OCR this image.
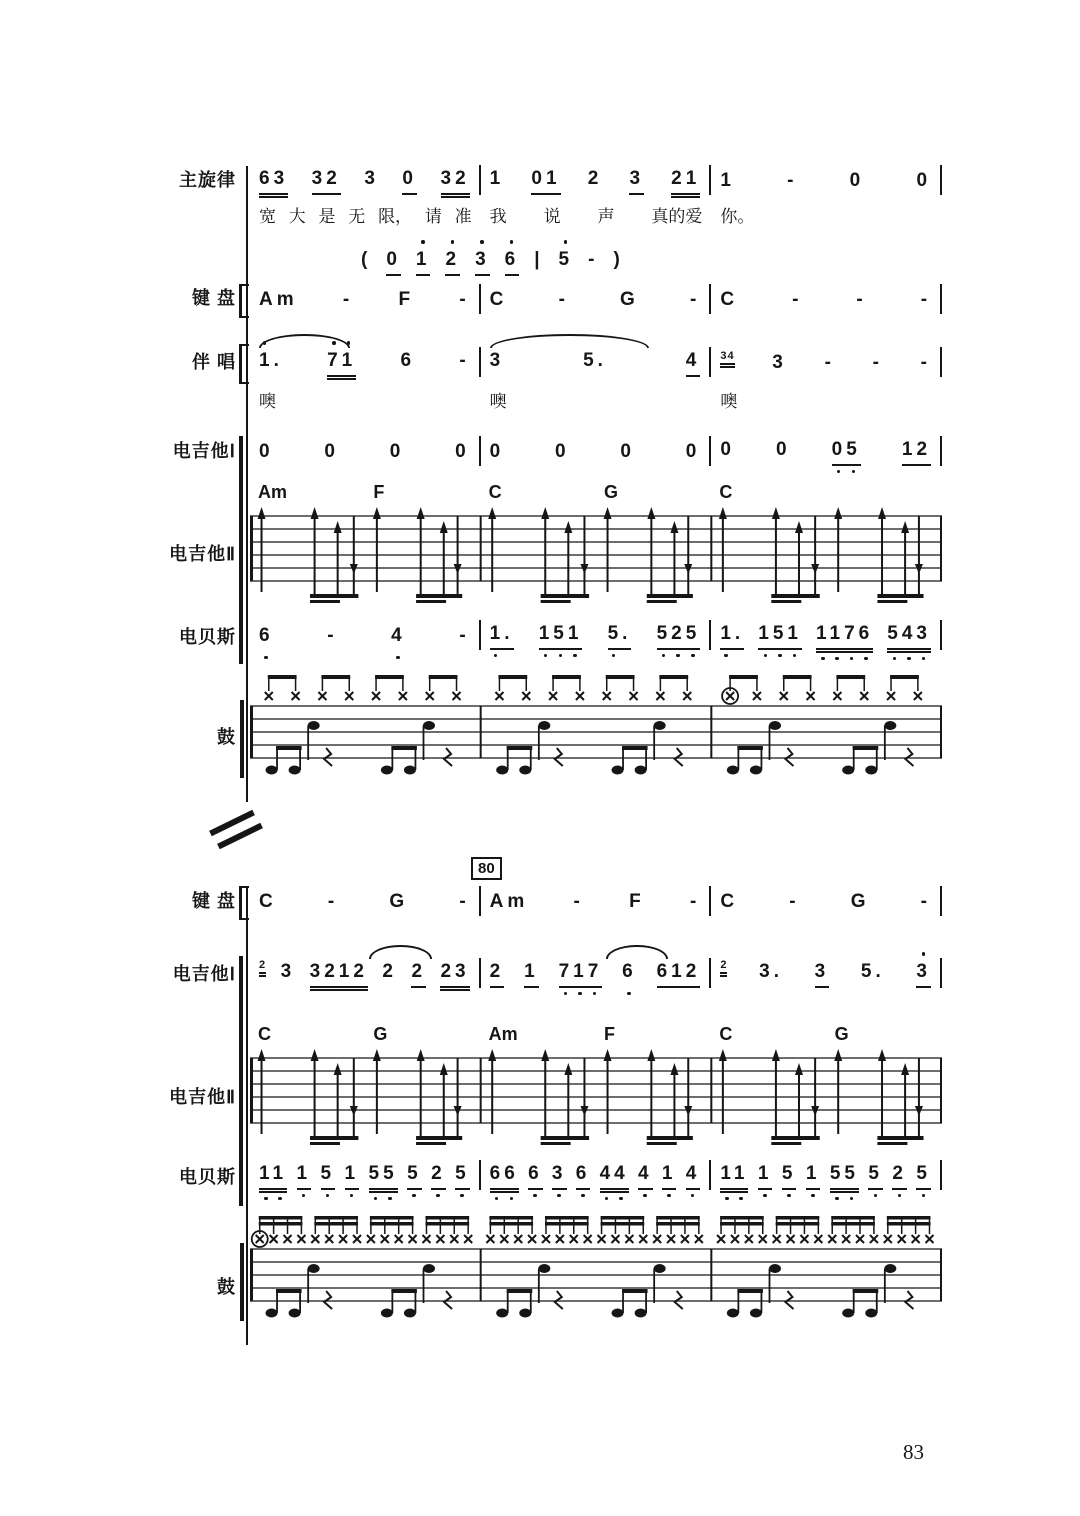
主旋律
键 盘
伴 唱
电吉他Ⅰ
电吉他Ⅱ
电贝斯
鼓
键 盘
电吉他Ⅰ
电吉他Ⅱ
电贝斯
鼓
63 32 3 0 32 1 01 2 3 21 1	-	0	0
宽 大 是 无 限， 请 准 我 说 声 真的爱 你。
( 0 1 2 3 6 | 5 - )
Am - F - C	-	G	- C	-	-	-
1. 71 6 - 3	5.	4 34 3 - - -
噢	噢	噢
0	0	0	0 0	0	0	0 0 0 05 12
Am	F	C	G	C
6	-	4	- 1. 151 5. 525 1. 151 1176 543
80
C	-	G	- Am - F - C	-	G	-
2 3 3212 2 2 23 2 1 717 6 612 2 3. 3 5. 3
C	G	Am	F	C	G
11 1 5 1 55 5 2 5 66 6 3 6 44 4 1 4 11 1 5 1 55 5 2 5
83
